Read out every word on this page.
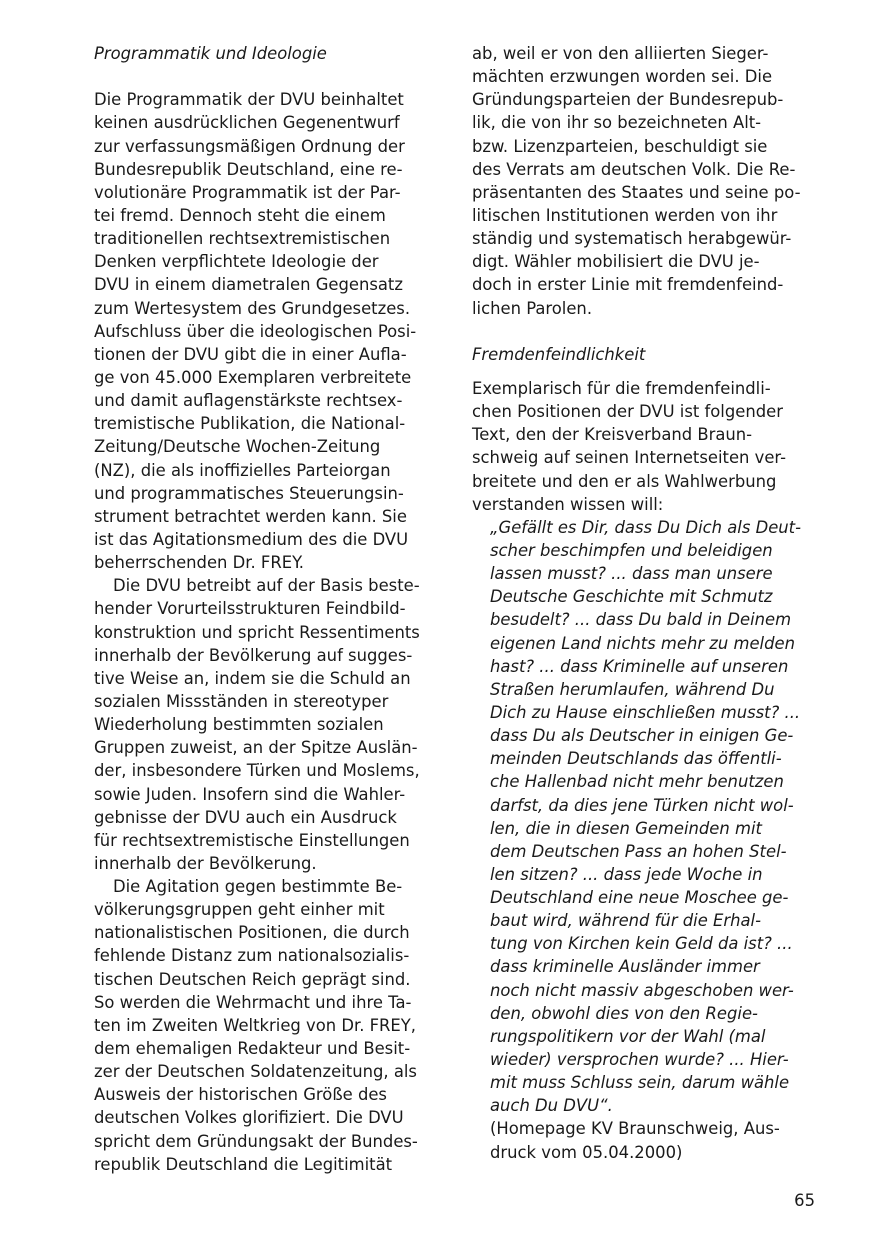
Programmatik und Ideologie
Die Programmatik der DVU beinhaltet
keinen ausdrücklichen Gegenentwurf
zur verfassungsmäßigen Ordnung der
Bundesrepublik Deutschland, eine re-
volutionäre Programmatik ist der Par-
tei fremd. Dennoch steht die einem
traditionellen rechtsextremistischen
Denken verpflichtete Ideologie der
DVU in einem diametralen Gegensatz
zum Wertesystem des Grundgesetzes.
Aufschluss über die ideologischen Posi-
tionen der DVU gibt die in einer Aufla-
ge von 45.000 Exemplaren verbreitete
und damit auflagenstärkste rechtsex-
tremistische Publikation, die National-
Zeitung/Deutsche Wochen-Zeitung
(NZ), die als inoffizielles Parteiorgan
und programmatisches Steuerungsin-
strument betrachtet werden kann. Sie
ist das Agitationsmedium des die DVU
beherrschenden Dr. FREY.
Die DVU betreibt auf der Basis beste-
hender Vorurteilsstrukturen Feindbild-
konstruktion und spricht Ressentiments
innerhalb der Bevölkerung auf sugges-
tive Weise an, indem sie die Schuld an
sozialen Missständen in stereotyper
Wiederholung bestimmten sozialen
Gruppen zuweist, an der Spitze Auslän-
der, insbesondere Türken und Moslems,
sowie Juden. Insofern sind die Wahler-
gebnisse der DVU auch ein Ausdruck
für rechtsextremistische Einstellungen
innerhalb der Bevölkerung.
Die Agitation gegen bestimmte Be-
völkerungsgruppen geht einher mit
nationalistischen Positionen, die durch
fehlende Distanz zum nationalsozialis-
tischen Deutschen Reich geprägt sind.
So werden die Wehrmacht und ihre Ta-
ten im Zweiten Weltkrieg von Dr. FREY,
dem ehemaligen Redakteur und Besit-
zer der Deutschen Soldatenzeitung, als
Ausweis der historischen Größe des
deutschen Volkes glorifiziert. Die DVU
spricht dem Gründungsakt der Bundes-
republik Deutschland die Legitimität
ab, weil er von den alliierten Sieger-
mächten erzwungen worden sei. Die
Gründungsparteien der Bundesrepub-
lik, die von ihr so bezeichneten Alt-
bzw. Lizenzparteien, beschuldigt sie
des Verrats am deutschen Volk. Die Re-
präsentanten des Staates und seine po-
litischen Institutionen werden von ihr
ständig und systematisch herabgewür-
digt. Wähler mobilisiert die DVU je-
doch in erster Linie mit fremdenfeind-
lichen Parolen.
Fremdenfeindlichkeit
Exemplarisch für die fremdenfeindli-
chen Positionen der DVU ist folgender
Text, den der Kreisverband Braun-
schweig auf seinen Internetseiten ver-
breitete und den er als Wahlwerbung
verstanden wissen will:
„Gefällt es Dir, dass Du Dich als Deut-
scher beschimpfen und beleidigen
lassen musst? ... dass man unsere
Deutsche Geschichte mit Schmutz
besudelt? ... dass Du bald in Deinem
eigenen Land nichts mehr zu melden
hast? ... dass Kriminelle auf unseren
Straßen herumlaufen, während Du
Dich zu Hause einschließen musst? ...
dass Du als Deutscher in einigen Ge-
meinden Deutschlands das öffentli-
che Hallenbad nicht mehr benutzen
darfst, da dies jene Türken nicht wol-
len, die in diesen Gemeinden mit
dem Deutschen Pass an hohen Stel-
len sitzen? ... dass jede Woche in
Deutschland eine neue Moschee ge-
baut wird, während für die Erhal-
tung von Kirchen kein Geld da ist? ...
dass kriminelle Ausländer immer
noch nicht massiv abgeschoben wer-
den, obwohl dies von den Regie-
rungspolitikern vor der Wahl (mal
wieder) versprochen wurde? ... Hier-
mit muss Schluss sein, darum wähle
auch Du DVU“.
(Homepage KV Braunschweig, Aus-
druck vom 05.04.2000)
65
